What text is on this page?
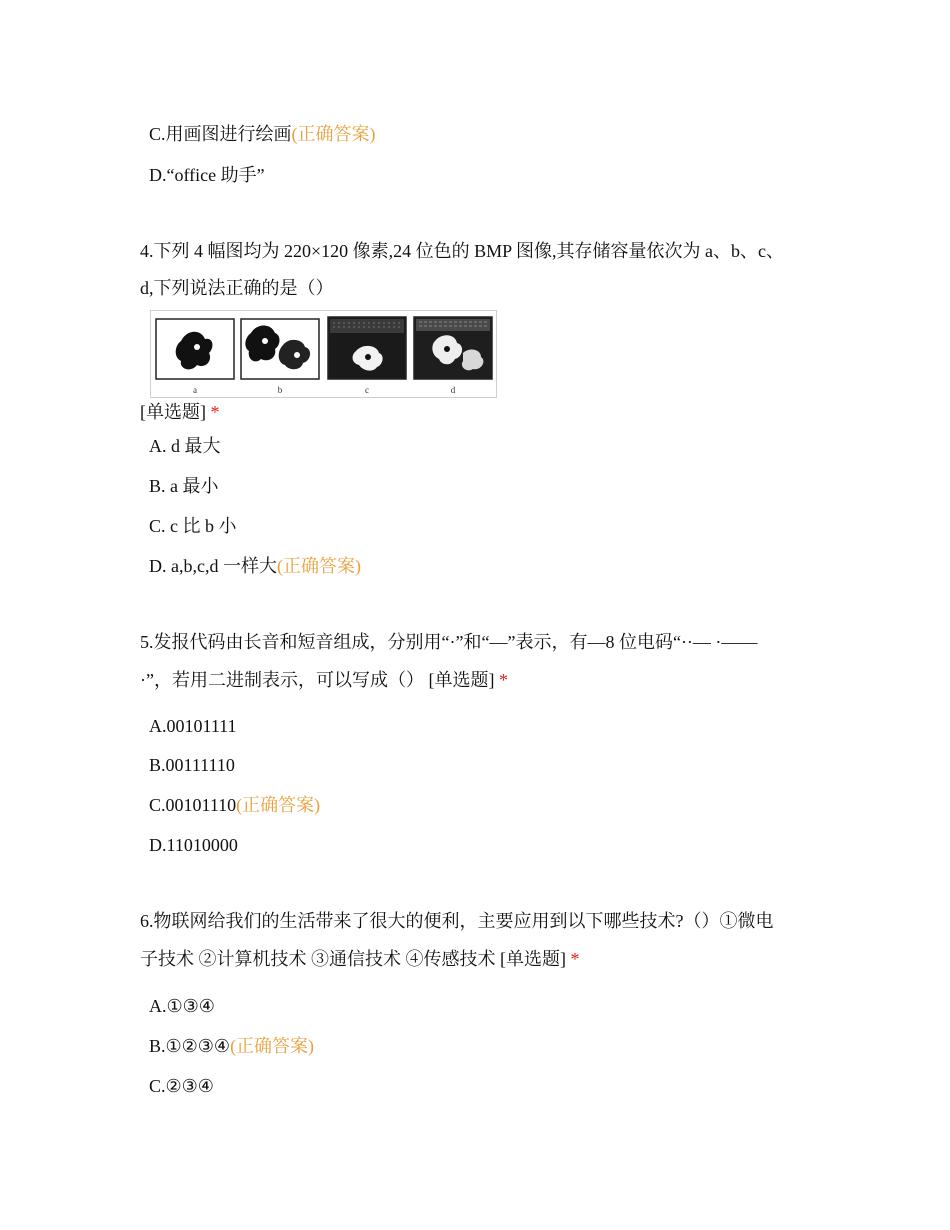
C.用画图进行绘画(正确答案)
D.“office 助手”
4.下列 4 幅图均为 220×120 像素,24 位色的 BMP 图像,其存储容量依次为 a、b、c、
d,下列说法正确的是（）
a	b	c	d
[单选题] *
A. d 最大
B. a 最小
C. c 比 b 小
D. a,b,c,d 一样大(正确答案)
5.发报代码由长音和短音组成，分别用“·”和“—”表示，有—8 位电码“··— ·——
·”，若用二进制表示，可以写成（） [单选题] *
A.00101111
B.00111110
C.00101110(正确答案)
D.11010000
6.物联网给我们的生活带来了很大的便利，主要应用到以下哪些技术?（）①微电
子技术 ②计算机技术 ③通信技术 ④传感技术 [单选题] *
A.①③④
B.①②③④(正确答案)
C.②③④
